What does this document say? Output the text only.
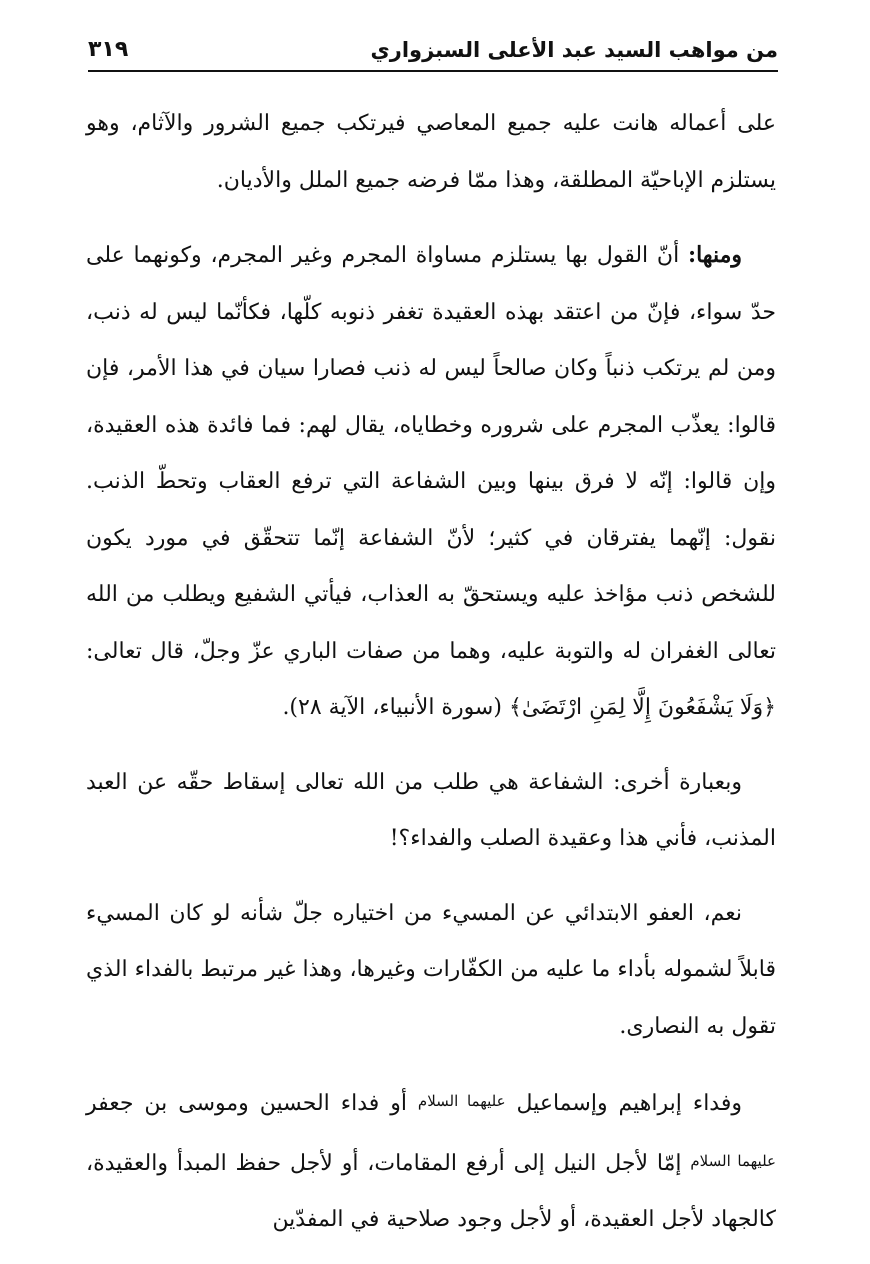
من مواهب السيد عبد الأعلى السبزواري
٣١٩

على أعماله هانت عليه جميع المعاصي فيرتكب جميع الشرور والآثام، وهو يستلزم الإباحيّة المطلقة، وهذا ممّا فرضه جميع الملل والأديان.

ومنها: أنّ القول بها يستلزم مساواة المجرم وغير المجرم، وكونهما على حدّ سواء، فإنّ من اعتقد بهذه العقيدة تغفر ذنوبه كلّها، فكأنّما ليس له ذنب، ومن لم يرتكب ذنباً وكان صالحاً ليس له ذنب فصارا سيان في هذا الأمر، فإن قالوا: يعذّب المجرم على شروره وخطاياه، يقال لهم: فما فائدة هذه العقيدة، وإن قالوا: إنّه لا فرق بينها وبين الشفاعة التي ترفع العقاب وتحطّ الذنب. نقول: إنّهما يفترقان في كثير؛ لأنّ الشفاعة إنّما تتحقّق في مورد يكون للشخص ذنب مؤاخذ عليه ويستحقّ به العذاب، فيأتي الشفيع ويطلب من الله تعالى الغفران له والتوبة عليه، وهما من صفات الباري عزّ وجلّ، قال تعالى: ﴿وَلَا يَشْفَعُونَ إِلَّا لِمَنِ ارْتَضَىٰ﴾ (سورة الأنبياء، الآية ٢٨).

وبعبارة أخرى: الشفاعة هي طلب من الله تعالى إسقاط حقّه عن العبد المذنب، فأني هذا وعقيدة الصلب والفداء؟!

نعم، العفو الابتدائي عن المسيء من اختياره جلّ شأنه لو كان المسيء قابلاً لشموله بأداء ما عليه من الكفّارات وغيرها، وهذا غير مرتبط بالفداء الذي تقول به النصارى.

وفداء إبراهيم وإسماعيل عليهما السلام أو فداء الحسين وموسى بن جعفر عليهما السلام إمّا لأجل النيل إلى أرفع المقامات، أو لأجل حفظ المبدأ والعقيدة، كالجهاد لأجل العقيدة، أو لأجل وجود صلاحية في المفدّين
